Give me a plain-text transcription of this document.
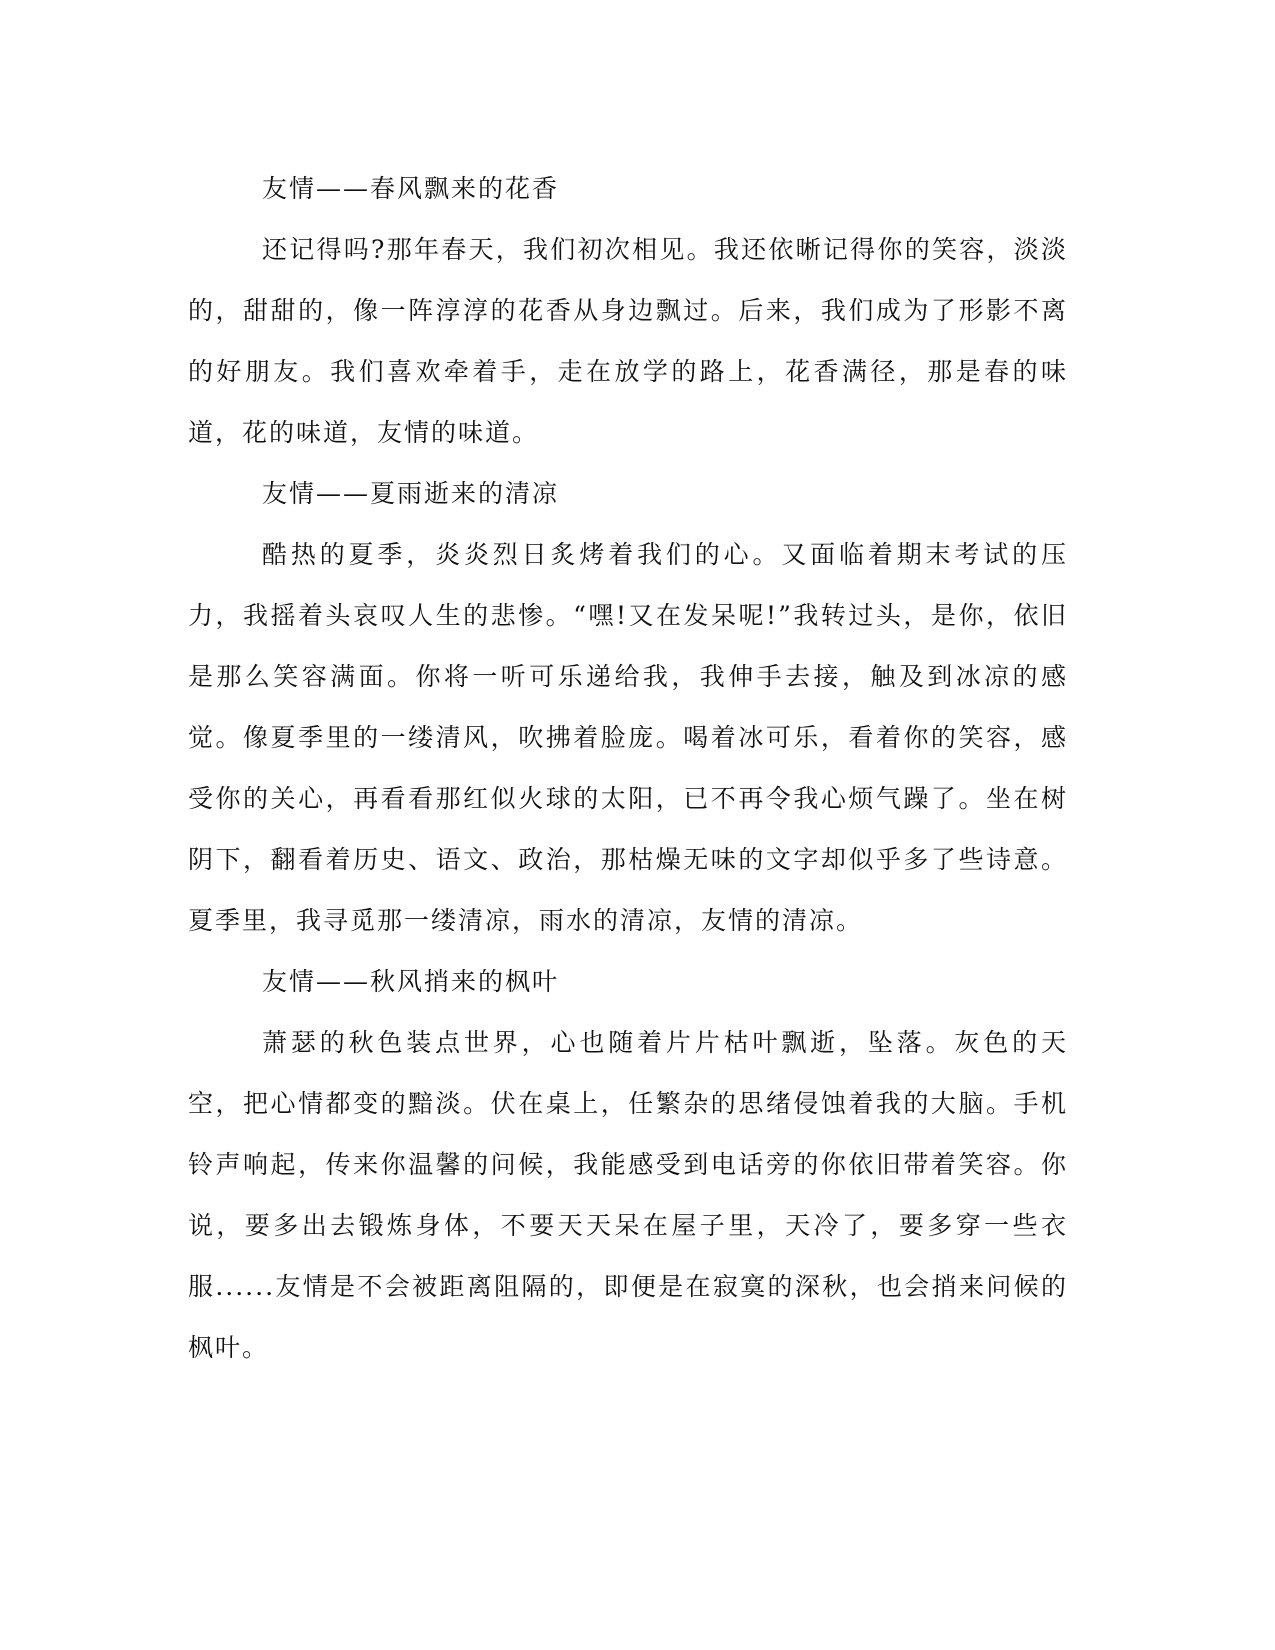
友情——春风飘来的花香

还记得吗?那年春天，我们初次相见。我还依晰记得你的笑容，淡淡的，甜甜的，像一阵淳淳的花香从身边飘过。后来，我们成为了形影不离的好朋友。我们喜欢牵着手，走在放学的路上，花香满径，那是春的味道，花的味道，友情的味道。

友情——夏雨逝来的清凉

酷热的夏季，炎炎烈日炙烤着我们的心。又面临着期末考试的压力，我摇着头哀叹人生的悲惨。“嘿!又在发呆呢!”我转过头，是你，依旧是那么笑容满面。你将一听可乐递给我，我伸手去接，触及到冰凉的感觉。像夏季里的一缕清风，吹拂着脸庞。喝着冰可乐，看着你的笑容，感受你的关心，再看看那红似火球的太阳，已不再令我心烦气躁了。坐在树阴下，翻看着历史、语文、政治，那枯燥无味的文字却似乎多了些诗意。夏季里，我寻觅那一缕清凉，雨水的清凉，友情的清凉。

友情——秋风捎来的枫叶

萧瑟的秋色装点世界，心也随着片片枯叶飘逝，坠落。灰色的天空，把心情都变的黯淡。伏在桌上，任繁杂的思绪侵蚀着我的大脑。手机铃声响起，传来你温馨的问候，我能感受到电话旁的你依旧带着笑容。你说，要多出去锻炼身体，不要天天呆在屋子里，天冷了，要多穿一些衣服......友情是不会被距离阻隔的，即便是在寂寞的深秋，也会捎来问候的枫叶。
